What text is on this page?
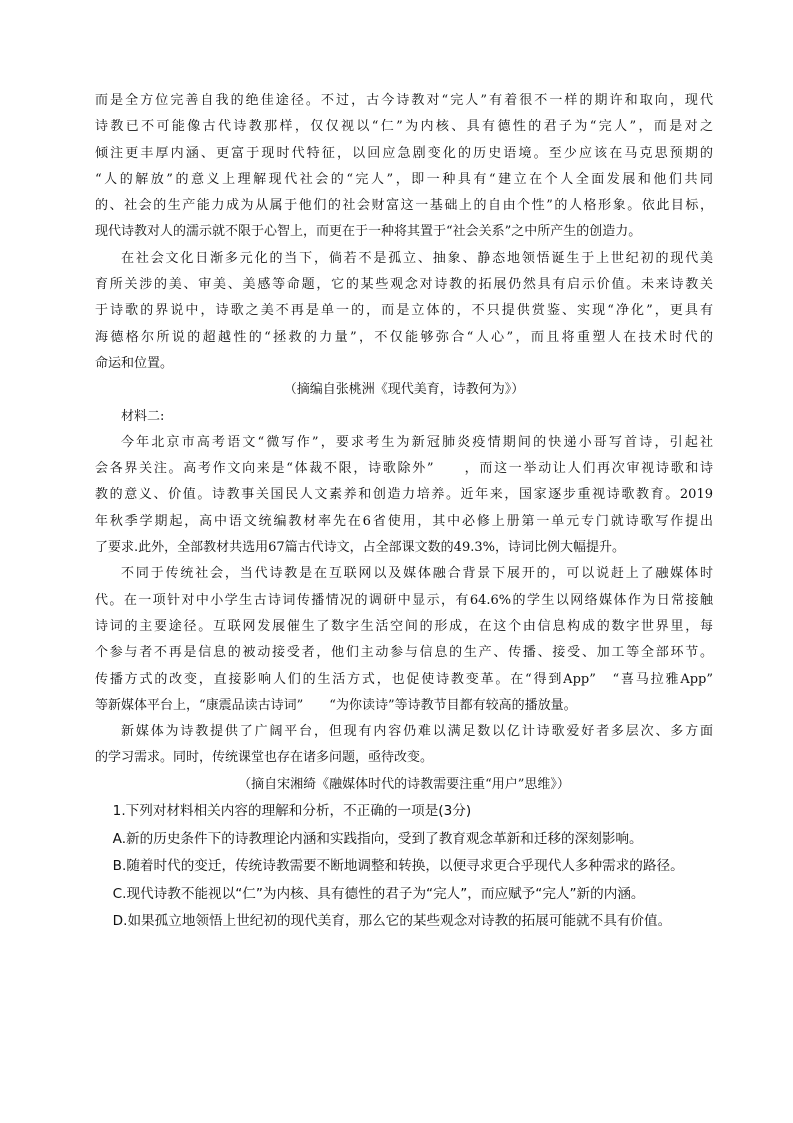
而是全方位完善自我的绝佳途径。不过，古今诗教对“完人”有着很不一样的期许和取向，现代

诗教已不可能像古代诗教那样，仅仅视以“仁”为内核、具有德性的君子为“完人”，而是对之

倾注更丰厚内涵、更富于现时代特征，以回应急剧变化的历史语境。至少应该在马克思预期的

“人的解放”的意义上理解现代社会的“完人”，即一种具有“建立在个人全面发展和他们共同

的、社会的生产能力成为从属于他们的社会财富这一基础上的自由个性”的人格形象。依此目标，

现代诗教对人的濡示就不限于心智上，而更在于一种将其置于“社会关系”之中所产生的创造力。

在社会文化日渐多元化的当下，倘若不是孤立、抽象、静态地领悟诞生于上世纪初的现代美

育所关涉的美、审美、美感等命题，它的某些观念对诗教的拓展仍然具有启示价值。未来诗教关

于诗歌的界说中，诗歌之美不再是单一的，而是立体的，不只提供赏鉴、实现“净化”，更具有

海德格尔所说的超越性的“拯救的力量”，不仅能够弥合“人心”，而且将重塑人在技术时代的

命运和位置。

（摘编自张桃洲《现代美育，诗教何为》）

材料二:

今年北京市高考语文“微写作”，要求考生为新冠肺炎疫情期间的快递小哥写首诗，引起社

会各界关注。高考作文向来是“体裁不限，诗歌除外”　　，而这一举动让人们再次审视诗歌和诗

教的意义、价值。诗教事关国民人文素养和创造力培养。近年来，国家逐步重视诗歌教育。2019

年秋季学期起，高中语文统编教材率先在6省使用，其中必修上册第一单元专门就诗歌写作提出

了要求.此外，全部教材共选用67篇古代诗文，占全部课文数的49.3%，诗词比例大幅提升。

不同于传统社会，当代诗教是在互联网以及媒体融合背景下展开的，可以说赶上了融媒体时

代。在一项针对中小学生古诗词传播情况的调研中显示，有64.6%的学生以网络媒体作为日常接触

诗词的主要途径。互联网发展催生了数字生活空间的形成，在这个由信息构成的数字世界里，每

个参与者不再是信息的被动接受者，他们主动参与信息的生产、传播、接受、加工等全部环节。

传播方式的改变，直接影响人们的生活方式，也促使诗教变革。在“得到App”　“喜马拉雅App”

等新媒体平台上，“康震品读古诗词”　　“为你读诗”等诗教节目都有较高的播放量。

新媒体为诗教提供了广阔平台，但现有内容仍难以满足数以亿计诗歌爱好者多层次、多方面

的学习需求。同时，传统课堂也存在诸多问题，亟待改变。

（摘自宋湘绮《融媒体时代的诗教需要注重“用户”思维》）

1.下列对材料相关内容的理解和分析，不正确的一项是(3分)

A.新的历史条件下的诗教理论内涵和实践指向，受到了教育观念革新和迁移的深刻影响。

B.随着时代的变迁，传统诗教需要不断地调整和转换，以便寻求更合乎现代人多种需求的路径。

C.现代诗教不能视以“仁”为内核、具有德性的君子为“完人”，而应赋予“完人”新的内涵。

D.如果孤立地领悟上世纪初的现代美育，那么它的某些观念对诗教的拓展可能就不具有价值。
